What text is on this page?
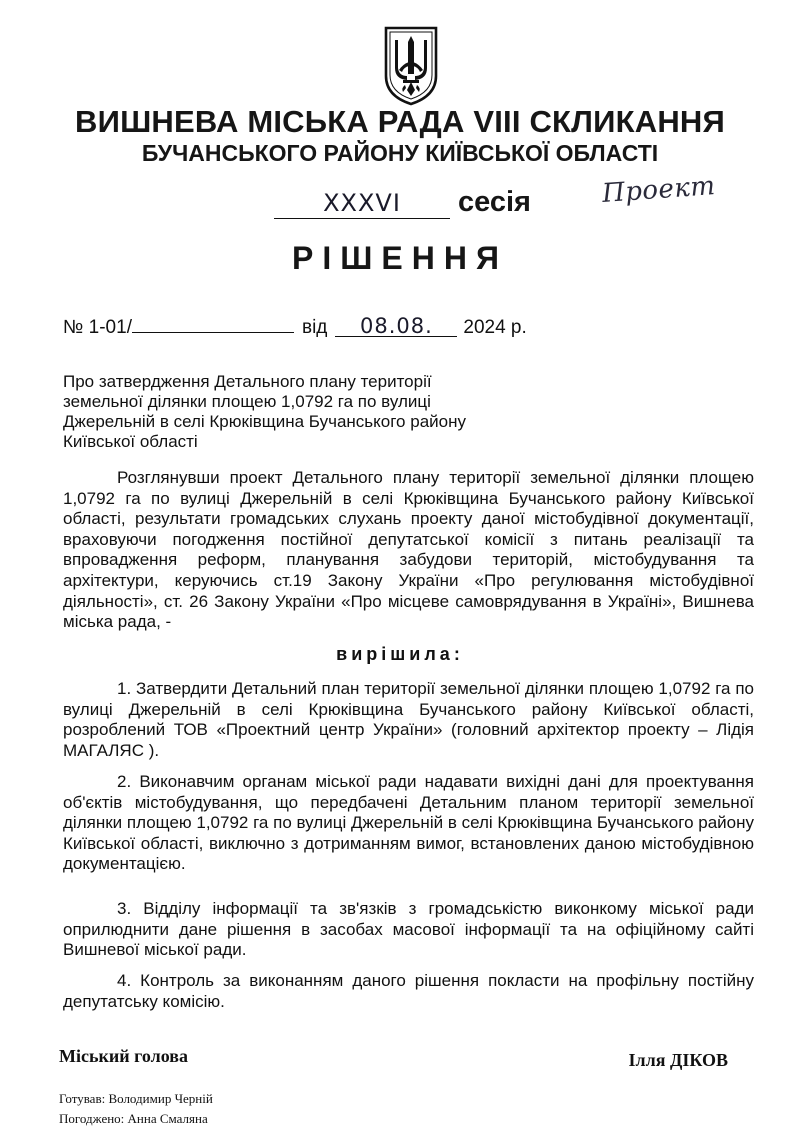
ВИШНЕВА МІСЬКА РАДА VIII СКЛИКАННЯ
БУЧАНСЬКОГО РАЙОНУ КИЇВСЬКОЇ ОБЛАСТІ
XXXVI	сесія	Проект
РІШЕННЯ
№ 1-01/	від 08.08. 2024 р.
Про затвердження Детального плану території
земельної ділянки площею 1,0792 га по вулиці
Джерельній в селі Крюківщина Бучанського району
Київської області
Розглянувши проект Детального плану території земельної ділянки площею 1,0792 га по вулиці Джерельній в селі Крюківщина Бучанського району Київської області, результати громадських слухань проекту даної містобудівної документації, враховуючи погодження постійної депутатської комісії з питань реалізації та впровадження реформ, планування забудови територій, містобудування та архітектури, керуючись ст.19 Закону України «Про регулювання містобудівної діяльності», ст. 26 Закону України «Про місцеве самоврядування в Україні», Вишнева міська рада, -
вирішила:
1. Затвердити Детальний план території земельної ділянки площею 1,0792 га по вулиці Джерельній в селі Крюківщина Бучанського району Київської області, розроблений ТОВ «Проектний центр України» (головний архітектор проекту – Лідія МАГАЛЯС ).
2. Виконавчим органам міської ради надавати вихідні дані для проектування об'єктів містобудування, що передбачені Детальним планом території земельної ділянки площею 1,0792 га по вулиці Джерельній в селі Крюківщина Бучанського району Київської області, виключно з дотриманням вимог, встановлених даною містобудівною документацією.
3. Відділу інформації та зв'язків з громадськістю виконкому міської ради оприлюднити дане рішення в засобах масової інформації та на офіційному сайті Вишневої міської ради.
4. Контроль за виконанням даного рішення покласти на профільну постійну депутатську комісію.
Міський голова	Ілля ДІКОВ
Готував: Володимир Черній
Погоджено: Анна Смаляна
